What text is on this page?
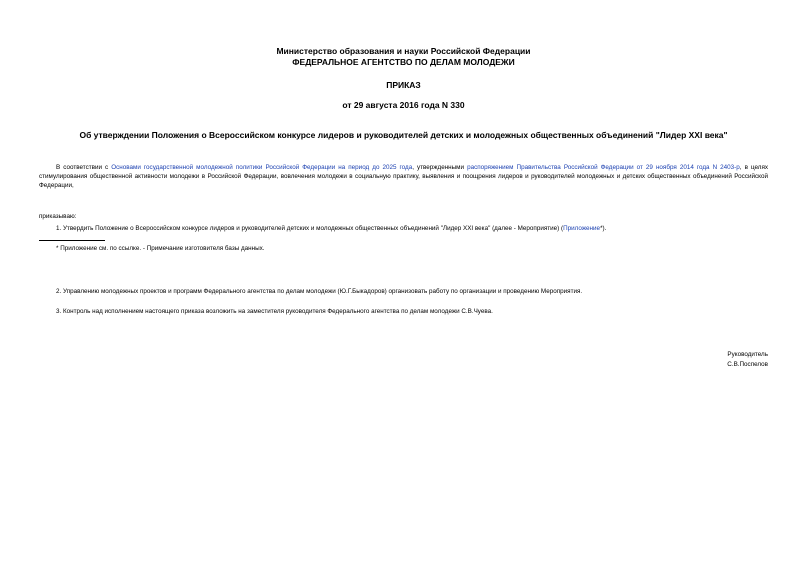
Министерство образования и науки Российской Федерации
ФЕДЕРАЛЬНОЕ АГЕНТСТВО ПО ДЕЛАМ МОЛОДЕЖИ
ПРИКАЗ
от 29 августа 2016 года N 330
Об утверждении Положения о Всероссийском конкурсе лидеров и руководителей детских и молодежных общественных объединений "Лидер XXI века"
В соответствии с Основами государственной молодежной политики Российской Федерации на период до 2025 года, утвержденными распоряжением Правительства Российской Федерации от 29 ноября 2014 года N 2403-р, в целях стимулирования общественной активности молодежи в Российской Федерации, вовлечения молодежи в социальную практику, выявления и поощрения лидеров и руководителей молодежных и детских общественных объединений Российской Федерации,
приказываю:
1. Утвердить Положение о Всероссийском конкурсе лидеров и руководителей детских и молодежных общественных объединений "Лидер XXI века" (далее - Мероприятие) (Приложение*).
* Приложение см. по ссылке. - Примечание изготовителя базы данных.
2. Управлению молодежных проектов и программ Федерального агентства по делам молодежи (Ю.Г.Быкадоров) организовать работу по организации и проведению Мероприятия.
3. Контроль над исполнением настоящего приказа возложить на заместителя руководителя Федерального агентства по делам молодежи С.В.Чуева.
Руководитель
С.В.Поспелов
